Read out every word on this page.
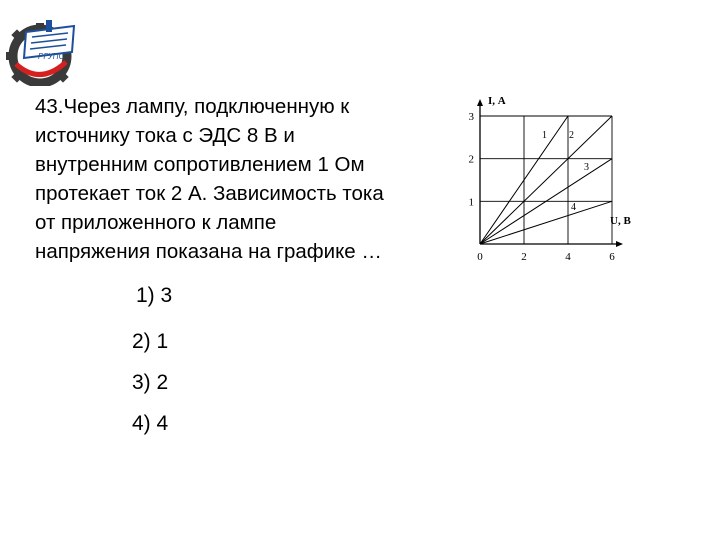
РГУПС

43.Через лампу, подключенную к
источнику тока с ЭДС 8 В и
внутренним сопротивлением 1 Ом
протекает ток 2 А. Зависимость тока
от приложенного к лампе
напряжения показана на графике …

1) 3
2) 1
3) 2
4) 4
1 2
3
4
0	2	4	6
1
2
3
I, А
U, В
